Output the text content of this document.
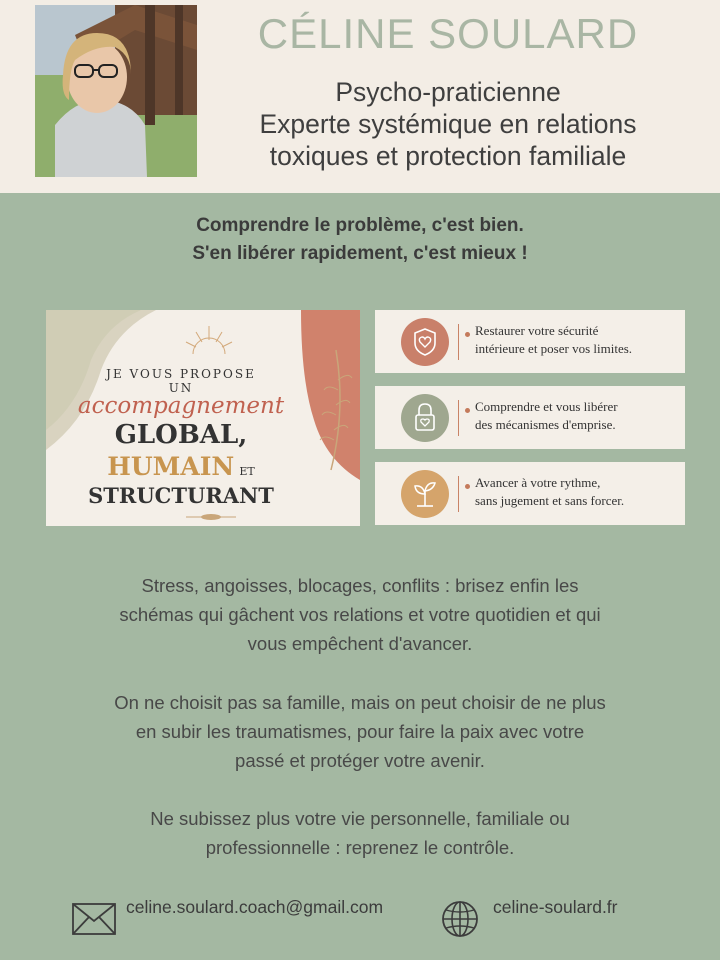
CÉLINE SOULARD
Psycho-praticienne
Experte systémique en relations
toxiques et protection familiale
Comprendre le problème, c'est bien.
S'en libérer rapidement, c'est mieux !
JE VOUS PROPOSE
UN
accompagnement
GLOBAL,
HUMAIN ET
STRUCTURANT
Restaurer votre sécurité
intérieure et poser vos limites.
Comprendre et vous libérer
des mécanismes d'emprise.
Avancer à votre rythme,
sans jugement et sans forcer.
Stress, angoisses, blocages, conflits : brisez enfin les
schémas qui gâchent vos relations et votre quotidien et qui
vous empêchent d'avancer.
On ne choisit pas sa famille, mais on peut choisir de ne plus
en subir les traumatismes, pour faire la paix avec votre
passé et protéger votre avenir.
Ne subissez plus votre vie personnelle, familiale ou
professionnelle : reprenez le contrôle.
celine.soulard.coach@gmail.com	celine-soulard.fr
